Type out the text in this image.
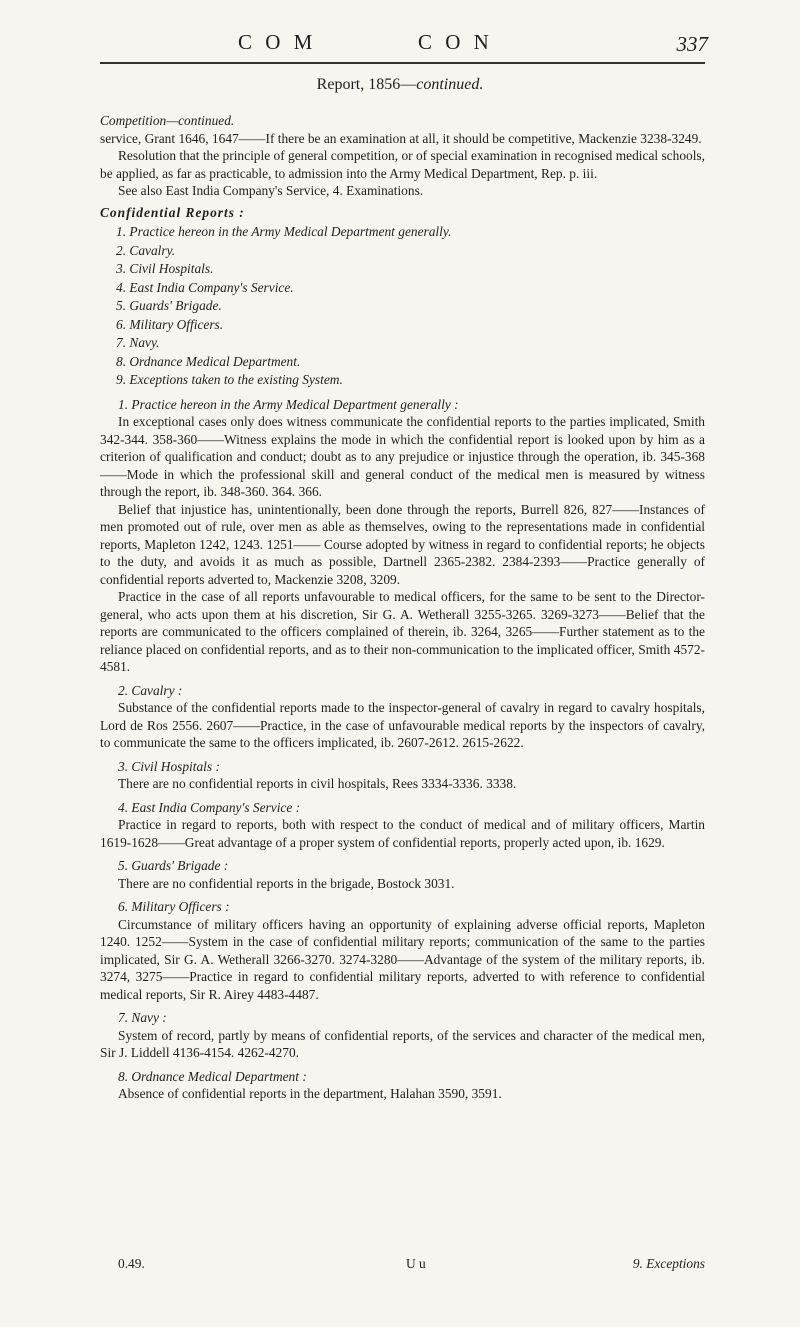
C O M	C O N	337
Report, 1856—continued.

Competition—continued.

service, Grant 1646, 1647——If there be an examination at all, it should be competitive, Mackenzie 3238-3249.

Resolution that the principle of general competition, or of special examination in recognised medical schools, be applied, as far as practicable, to admission into the Army Medical Department, Rep. p. iii.

See also East India Company's Service, 4. Examinations.

Confidential Reports :

1. Practice hereon in the Army Medical Department generally.
2. Cavalry.
3. Civil Hospitals.
4. East India Company's Service.
5. Guards' Brigade.
6. Military Officers.
7. Navy.
8. Ordnance Medical Department.
9. Exceptions taken to the existing System.

1. Practice hereon in the Army Medical Department generally :

In exceptional cases only does witness communicate the confidential reports to the parties implicated, Smith 342-344. 358-360——Witness explains the mode in which the confidential report is looked upon by him as a criterion of qualification and conduct; doubt as to any prejudice or injustice through the operation, ib. 345-368——Mode in which the professional skill and general conduct of the medical men is measured by witness through the report, ib. 348-360. 364. 366.

Belief that injustice has, unintentionally, been done through the reports, Burrell 826, 827——Instances of men promoted out of rule, over men as able as themselves, owing to the representations made in confidential reports, Mapleton 1242, 1243. 1251—— Course adopted by witness in regard to confidential reports; he objects to the duty, and avoids it as much as possible, Dartnell 2365-2382. 2384-2393——Practice generally of confidential reports adverted to, Mackenzie 3208, 3209.

Practice in the case of all reports unfavourable to medical officers, for the same to be sent to the Director-general, who acts upon them at his discretion, Sir G. A. Wetherall 3255-3265. 3269-3273——Belief that the reports are communicated to the officers complained of therein, ib. 3264, 3265——Further statement as to the reliance placed on confidential reports, and as to their non-communication to the implicated officer, Smith 4572-4581.

2. Cavalry :

Substance of the confidential reports made to the inspector-general of cavalry in regard to cavalry hospitals, Lord de Ros 2556. 2607——Practice, in the case of unfavourable medical reports by the inspectors of cavalry, to communicate the same to the officers implicated, ib. 2607-2612. 2615-2622.

3. Civil Hospitals :

There are no confidential reports in civil hospitals, Rees 3334-3336. 3338.

4. East India Company's Service :

Practice in regard to reports, both with respect to the conduct of medical and of military officers, Martin 1619-1628——Great advantage of a proper system of confidential reports, properly acted upon, ib. 1629.

5. Guards' Brigade :

There are no confidential reports in the brigade, Bostock 3031.

6. Military Officers :

Circumstance of military officers having an opportunity of explaining adverse official reports, Mapleton 1240. 1252——System in the case of confidential military reports; communication of the same to the parties implicated, Sir G. A. Wetherall 3266-3270. 3274-3280——Advantage of the system of the military reports, ib. 3274, 3275——Practice in regard to confidential military reports, adverted to with reference to confidential medical reports, Sir R. Airey 4483-4487.

7. Navy :

System of record, partly by means of confidential reports, of the services and character of the medical men, Sir J. Liddell 4136-4154. 4262-4270.

8. Ordnance Medical Department :

Absence of confidential reports in the department, Halahan 3590, 3591.

0.49.	U u	9. Exceptions
